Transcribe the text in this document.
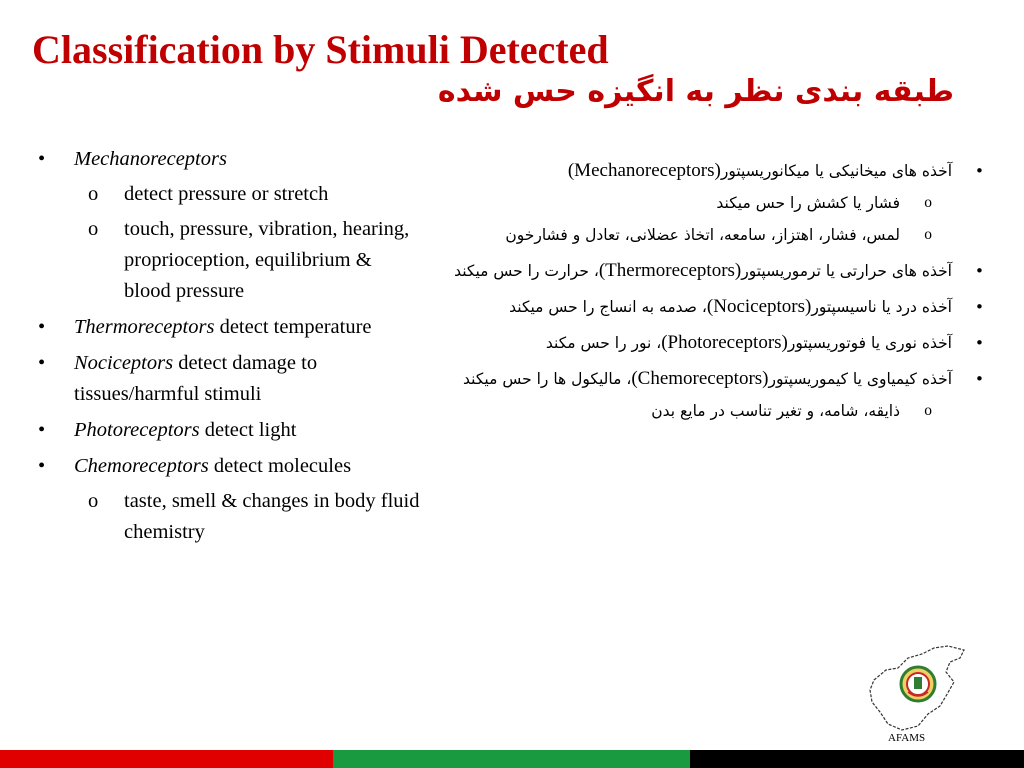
Classification by Stimuli Detected
طبقه بندی نظر به انگیزه حس شده
• Mechanoreceptors
o detect pressure or stretch
o touch, pressure, vibration, hearing, proprioception, equilibrium & blood pressure
• Thermoreceptors detect temperature
• Nociceptors detect damage to tissues/harmful stimuli
• Photoreceptors detect light
• Chemoreceptors detect molecules
o taste, smell & changes in body fluid chemistry
•
آخذه های میخانیکی یا میکانوریسپتور(Mechanoreceptors)
o
فشار یا کشش را حس میکند
o
لمس، فشار، اهتزاز، سامعه، اتخاذ عضلانی، تعادل و فشارخون
•
آخذه های حرارتی یا ترموریسپتور(Thermoreceptors)، حرارت را حس میکند
•
آخذه درد یا ناسیسپتور(Nociceptors)، صدمه به انساج را حس میکند
•
آخذه نوری یا فوتوریسپتور(Photoreceptors)، نور را حس مکند
•
آخذه کیمیاوی یا کیموریسپتور(Chemoreceptors)، مالیکول ها را حس میکند
o
ذایقه، شامه، و تغیر تناسب در مایع بدن
AFAMS
